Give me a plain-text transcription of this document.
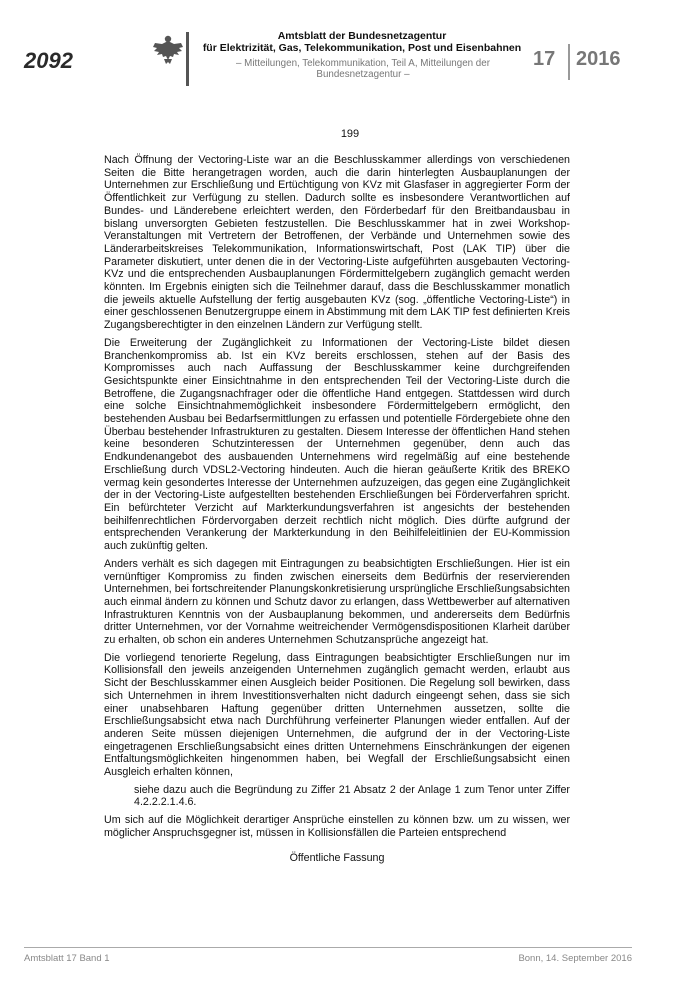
2092
Amtsblatt der Bundesnetzagentur
für Elektrizität, Gas, Telekommunikation, Post und Eisenbahnen
– Mitteilungen, Telekommunikation, Teil A, Mitteilungen der Bundesnetzagentur –
17 2016
199

Nach Öffnung der Vectoring-Liste war an die Beschlusskammer allerdings von verschiedenen Seiten die Bitte herangetragen worden, auch die darin hinterlegten Ausbauplanungen der Unternehmen zur Erschließung und Ertüchtigung von KVz mit Glasfaser in aggregierter Form der Öffentlichkeit zur Verfügung zu stellen. Dadurch sollte es insbesondere Verantwortlichen auf Bundes- und Länderebene erleichtert werden, den Förderbedarf für den Breitbandausbau in bislang unversorgten Gebieten festzustellen. Die Beschlusskammer hat in zwei Workshop-Veranstaltungen mit Vertretern der Betroffenen, der Verbände und Unternehmen sowie des Länderarbeitskreises Telekommunikation, Informationswirtschaft, Post (LAK TIP) über die Parameter diskutiert, unter denen die in der Vectoring-Liste aufgeführten ausgebauten Vectoring-KVz und die entsprechenden Ausbauplanungen Fördermittelgebern zugänglich gemacht werden könnten. Im Ergebnis einigten sich die Teilnehmer darauf, dass die Beschlusskammer monatlich die jeweils aktuelle Aufstellung der fertig ausgebauten KVz (sog. „öffentliche Vectoring-Liste“) in einer geschlossenen Benutzergruppe einem in Abstimmung mit dem LAK TIP fest definierten Kreis Zugangsberechtigter in den einzelnen Ländern zur Verfügung stellt.

Die Erweiterung der Zugänglichkeit zu Informationen der Vectoring-Liste bildet diesen Branchenkompromiss ab. Ist ein KVz bereits erschlossen, stehen auf der Basis des Kompromisses auch nach Auffassung der Beschlusskammer keine durchgreifenden Gesichtspunkte einer Einsichtnahme in den entsprechenden Teil der Vectoring-Liste durch die Betroffene, die Zugangsnachfrager oder die öffentliche Hand entgegen. Stattdessen wird durch eine solche Einsichtnahmemöglichkeit insbesondere Fördermittelgebern ermöglicht, den bestehenden Ausbau bei Bedarfsermittlungen zu erfassen und potentielle Fördergebiete ohne den Überbau bestehender Infrastrukturen zu gestalten. Diesem Interesse der öffentlichen Hand stehen keine besonderen Schutzinteressen der Unternehmen gegenüber, denn auch das Endkundenangebot des ausbauenden Unternehmens wird regelmäßig auf eine bestehende Erschließung durch VDSL2-Vectoring hindeuten. Auch die hieran geäußerte Kritik des BREKO vermag kein gesondertes Interesse der Unternehmen aufzuzeigen, das gegen eine Zugänglichkeit der in der Vectoring-Liste aufgestellten bestehenden Erschließungen bei Förderverfahren spricht. Ein befürchteter Verzicht auf Markterkundungsverfahren ist angesichts der bestehenden beihilfenrechtlichen Fördervorgaben derzeit rechtlich nicht möglich. Dies dürfte aufgrund der entsprechenden Verankerung der Markterkundung in den Beihilfeleitlinien der EU-Kommission auch zukünftig gelten.

Anders verhält es sich dagegen mit Eintragungen zu beabsichtigten Erschließungen. Hier ist ein vernünftiger Kompromiss zu finden zwischen einerseits dem Bedürfnis der reservierenden Unternehmen, bei fortschreitender Planungskonkretisierung ursprüngliche Erschließungsabsichten auch einmal ändern zu können und Schutz davor zu erlangen, dass Wettbewerber auf alternativen Infrastrukturen Kenntnis von der Ausbauplanung bekommen, und andererseits dem Bedürfnis dritter Unternehmen, vor der Vornahme weitreichender Vermögensdispositionen Klarheit darüber zu erhalten, ob schon ein anderes Unternehmen Schutzansprüche angezeigt hat.

Die vorliegend tenorierte Regelung, dass Eintragungen beabsichtigter Erschließungen nur im Kollisionsfall den jeweils anzeigenden Unternehmen zugänglich gemacht werden, erlaubt aus Sicht der Beschlusskammer einen Ausgleich beider Positionen. Die Regelung soll bewirken, dass sich Unternehmen in ihrem Investitionsverhalten nicht dadurch eingeengt sehen, dass sie sich einer unabsehbaren Haftung gegenüber dritten Unternehmen aussetzen, sollte die Erschließungsabsicht etwa nach Durchführung verfeinerter Planungen wieder entfallen. Auf der anderen Seite müssen diejenigen Unternehmen, die aufgrund der in der Vectoring-Liste eingetragenen Erschließungsabsicht eines dritten Unternehmens Einschränkungen der eigenen Entfaltungsmöglichkeiten hingenommen haben, bei Wegfall der Erschließungsabsicht einen Ausgleich erhalten können,

siehe dazu auch die Begründung zu Ziffer 21 Absatz 2 der Anlage 1 zum Tenor unter Ziffer 4.2.2.2.1.4.6.

Um sich auf die Möglichkeit derartiger Ansprüche einstellen zu können bzw. um zu wissen, wer möglicher Anspruchsgegner ist, müssen in Kollisionsfällen die Parteien entsprechend

Öffentliche Fassung
Amtsblatt 17 Band 1	Bonn, 14. September 2016
